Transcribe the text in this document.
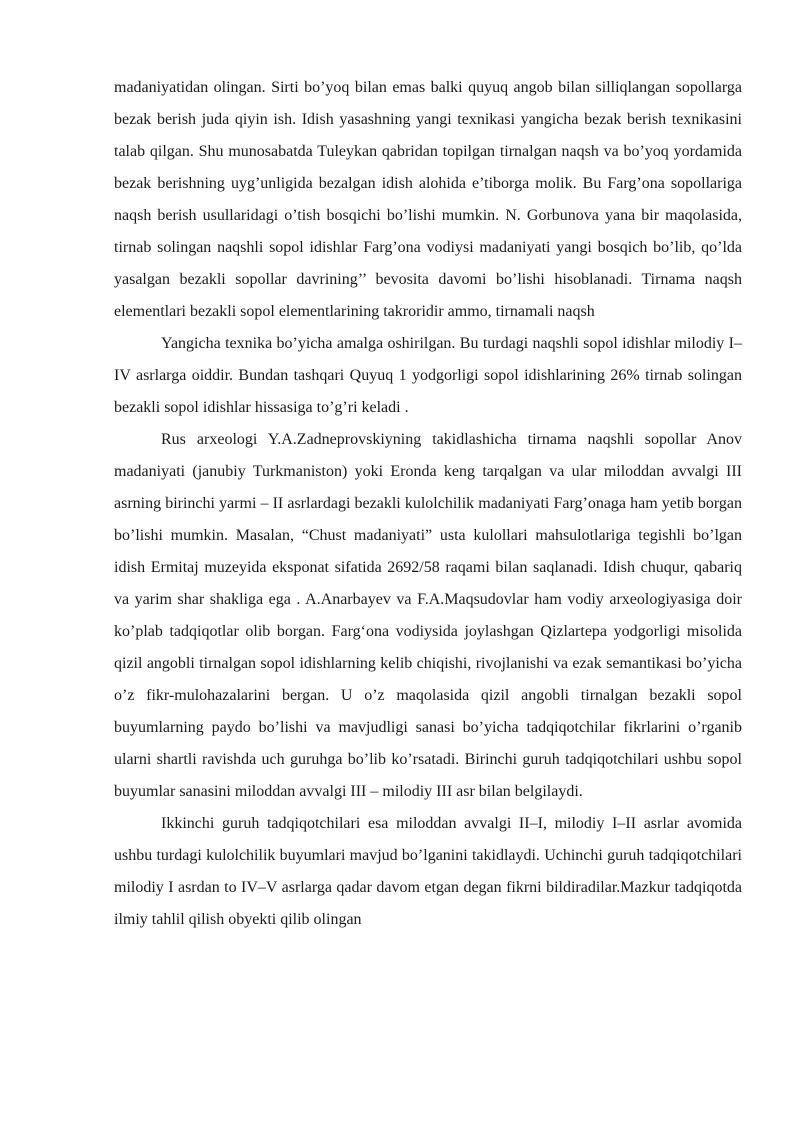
madaniyatidan olingan. Sirti bo’yoq bilan emas balki quyuq angob bilan silliqlangan sopollarga bezak berish juda qiyin ish. Idish yasashning yangi texnikasi yangicha bezak berish texnikasini talab qilgan. Shu munosabatda Tuleykan qabridan topilgan tirnalgan naqsh va bo’yoq yordamida bezak berishning uyg’unligida bezalgan idish alohida e’tiborga molik. Bu Farg’ona sopollariga naqsh berish usullaridagi o’tish bosqichi bo’lishi mumkin. N. Gorbunova yana bir maqolasida, tirnab solingan naqshli sopol idishlar Farg’ona vodiysi madaniyati yangi bosqich bo’lib, qo’lda yasalgan bezakli sopollar davrining’’ bevosita davomi bo’lishi hisoblanadi. Tirnama naqsh elementlari bezakli sopol elementlarining takroridir ammo, tirnamali naqsh

Yangicha texnika bo’yicha amalga oshirilgan. Bu turdagi naqshli sopol idishlar milodiy I–IV asrlarga oiddir. Bundan tashqari Quyuq 1 yodgorligi sopol idishlarining 26% tirnab solingan bezakli sopol idishlar hissasiga to’g’ri keladi .

Rus arxeologi Y.A.Zadneprovskiyning takidlashicha tirnama naqshli sopollar Anov madaniyati (janubiy Turkmaniston) yoki Eronda keng tarqalgan va ular miloddan avvalgi III asrning birinchi yarmi – II asrlardagi bezakli kulolchilik madaniyati Farg’onaga ham yetib borgan bo’lishi mumkin. Masalan, “Chust madaniyati” usta kulollari mahsulotlariga tegishli bo’lgan idish Ermitaj muzeyida eksponat sifatida 2692/58 raqami bilan saqlanadi. Idish chuqur, qabariq va yarim shar shakliga ega . A.Anarbayev va F.A.Maqsudovlar ham vodiy arxeologiyasiga doir ko’plab tadqiqotlar olib borgan. Farg‘ona vodiysida joylashgan Qizlartepa yodgorligi misolida qizil angobli tirnalgan sopol idishlarning kelib chiqishi, rivojlanishi va ezak semantikasi bo’yicha o’z fikr-mulohazalarini bergan. U o’z maqolasida qizil angobli tirnalgan bezakli sopol buyumlarning paydo bo’lishi va mavjudligi sanasi bo’yicha tadqiqotchilar fikrlarini o’rganib ularni shartli ravishda uch guruhga bo’lib ko’rsatadi. Birinchi guruh tadqiqotchilari ushbu sopol buyumlar sanasini miloddan avvalgi III – milodiy III asr bilan belgilaydi.

Ikkinchi guruh tadqiqotchilari esa miloddan avvalgi II–I, milodiy I–II asrlar avomida ushbu turdagi kulolchilik buyumlari mavjud bo’lganini takidlaydi. Uchinchi guruh tadqiqotchilari milodiy I asrdan to IV–V asrlarga qadar davom etgan degan fikrni bildiradilar.Mazkur tadqiqotda ilmiy tahlil qilish obyekti qilib olingan
